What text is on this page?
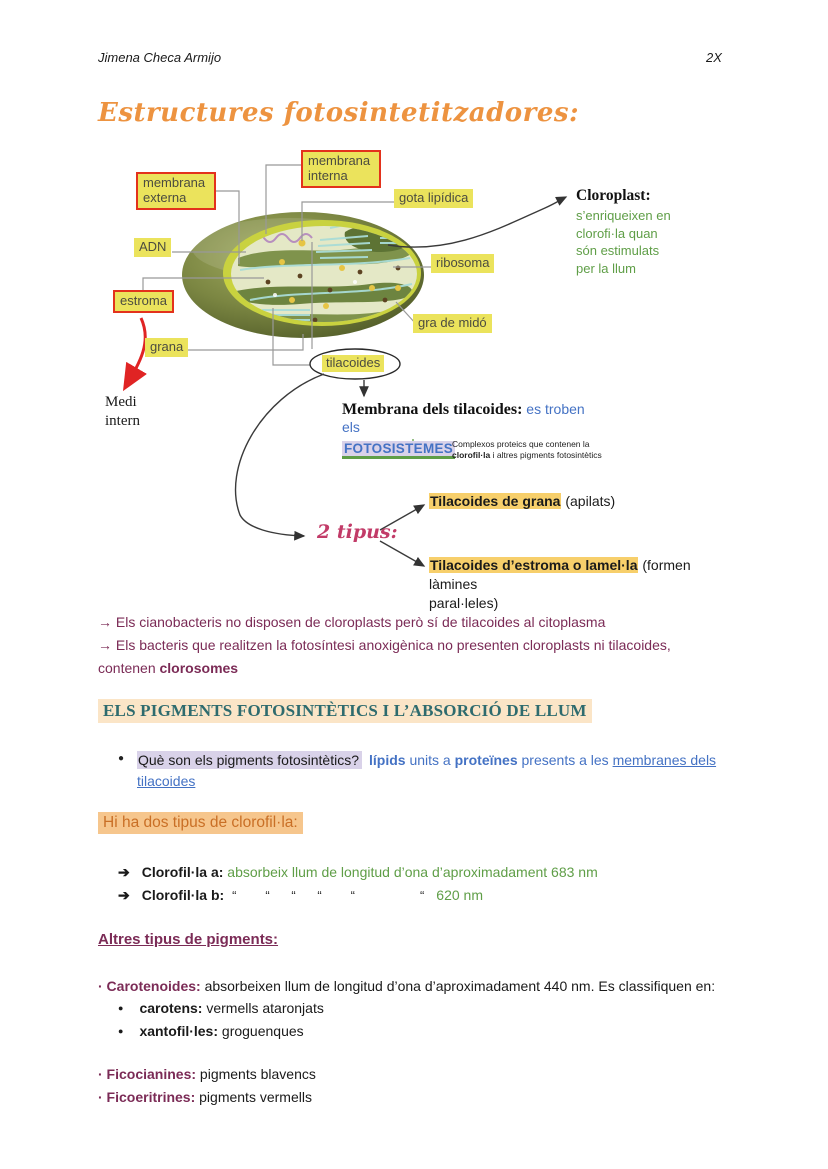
Jimena Checa Armijo	2X
Estructures fotosintetitzadores:
membrana externa
membrana interna
gota lipídica
ADN
ribosoma
estroma
gra de midó
grana
tilacoides
Medi
intern
Cloroplast:
s’enriqueixen en clorofi·la quan són estimulats per la llum
Membrana dels tilacoides: es troben els
FOTOSISTEMES
Complexos proteics que contenen la
clorofil·la i altres pigments fotosintètics
2 tipus:
Tilacoides de grana (apilats)
Tilacoides d’estroma o lamel·la (formen làmines
paral·leles)
→ Els cianobacteris no disposen de cloroplasts però sí de tilacoides al citoplasma
→ Els bacteris que realitzen la fotosíntesi anoxigènica no presenten cloroplasts ni tilacoides,
contenen clorosomes
ELS PIGMENTS FOTOSINTÈTICS I L’ABSORCIÓ DE LLUM
● Què son els pigments fotosintètics? lípids units a proteïnes presents a les membranes dels
tilacoides
Hi ha dos tipus de clorofil·la:
➔ Clorofil·la a: absorbeix llum de longitud d’ona d’aproximadament 683 nm
➔ Clorofil·la b: “        “      “      “        “                  “ 620 nm
Altres tipus de pigments:
· Carotenoides: absorbeixen llum de longitud d’ona d’aproximadament 440 nm. Es classifiquen en:
● carotens: vermells ataronjats
● xantofil·les: groguenques
· Ficocianines: pigments blavencs
· Ficoeritrines: pigments vermells
